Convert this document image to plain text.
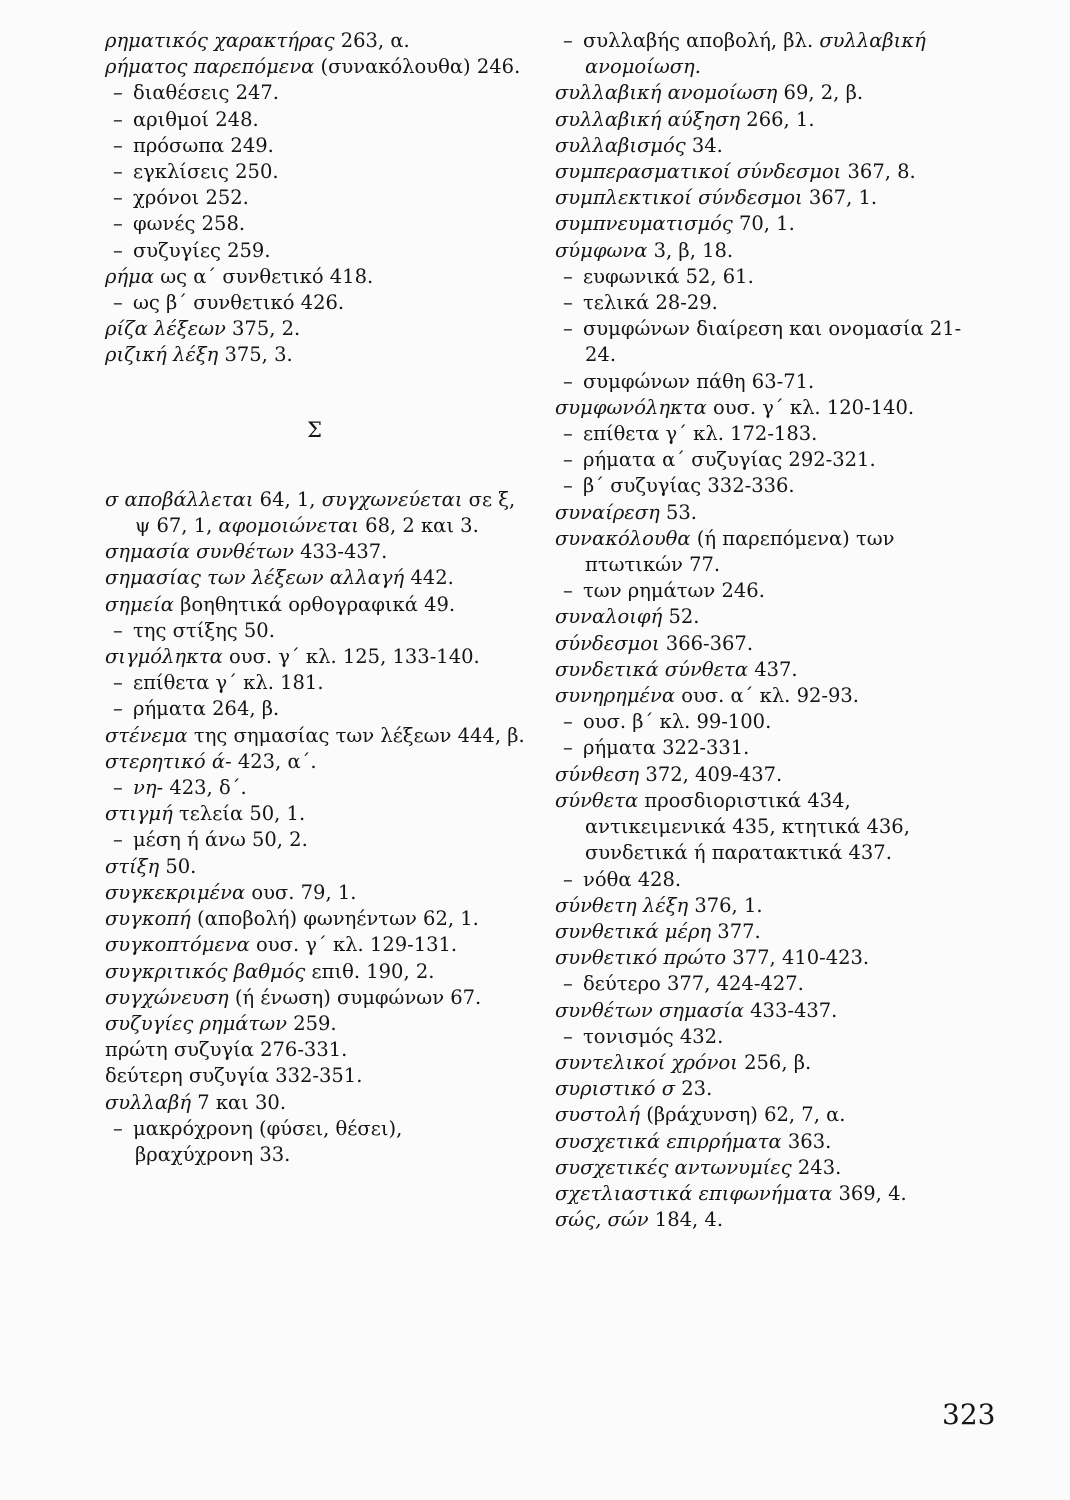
ρηματικός χαρακτήρας 263, α.
ρήματος παρεπόμενα (συνακόλουθα) 246.
– διαθέσεις 247.
– αριθμοί 248.
– πρόσωπα 249.
– εγκλίσεις 250.
– χρόνοι 252.
– φωνές 258.
– συζυγίες 259.
ρήμα ως α΄ συνθετικό 418.
– ως β΄ συνθετικό 426.
ρίζα λέξεων 375, 2.
ριζική λέξη 375, 3.
Σ
σ αποβάλλεται 64, 1, συγχωνεύεται σε ξ, ψ 67, 1, αφομοιώνεται 68, 2 και 3.
σημασία συνθέτων 433-437.
σημασίας των λέξεων αλλαγή 442.
σημεία βοηθητικά ορθογραφικά 49.
– της στίξης 50.
σιγμόληκτα ουσ. γ΄ κλ. 125, 133-140.
– επίθετα γ΄ κλ. 181.
– ρήματα 264, β.
στένεμα της σημασίας των λέξεων 444, β.
στερητικό ά- 423, α΄.
– νη- 423, δ΄.
στιγμή τελεία 50, 1.
– μέση ή άνω 50, 2.
στίξη 50.
συγκεκριμένα ουσ. 79, 1.
συγκοπή (αποβολή) φωνηέντων 62, 1.
συγκοπτόμενα ουσ. γ΄ κλ. 129-131.
συγκριτικός βαθμός επιθ. 190, 2.
συγχώνευση (ή ένωση) συμφώνων 67.
συζυγίες ρημάτων 259.
πρώτη συζυγία 276-331.
δεύτερη συζυγία 332-351.
συλλαβή 7 και 30.
– μακρόχρονη (φύσει, θέσει), βραχύχρονη 33.
– συλλαβής αποβολή, βλ. συλλαβική ανομοίωση.
συλλαβική ανομοίωση 69, 2, β.
συλλαβική αύξηση 266, 1.
συλλαβισμός 34.
συμπερασματικοί σύνδεσμοι 367, 8.
συμπλεκτικοί σύνδεσμοι 367, 1.
συμπνευματισμός 70, 1.
σύμφωνα 3, β, 18.
– ευφωνικά 52, 61.
– τελικά 28-29.
– συμφώνων διαίρεση και ονομασία 21-24.
– συμφώνων πάθη 63-71.
συμφωνόληκτα ουσ. γ΄ κλ. 120-140.
– επίθετα γ΄ κλ. 172-183.
– ρήματα α΄ συζυγίας 292-321.
– β΄ συζυγίας 332-336.
συναίρεση 53.
συνακόλουθα (ή παρεπόμενα) των πτωτικών 77.
– των ρημάτων 246.
συναλοιφή 52.
σύνδεσμοι 366-367.
συνδετικά σύνθετα 437.
συνηρημένα ουσ. α΄ κλ. 92-93.
– ουσ. β΄ κλ. 99-100.
– ρήματα 322-331.
σύνθεση 372, 409-437.
σύνθετα προσδιοριστικά 434, αντικειμενικά 435, κτητικά 436, συνδετικά ή παρατακτικά 437.
– νόθα 428.
σύνθετη λέξη 376, 1.
συνθετικά μέρη 377.
συνθετικό πρώτο 377, 410-423.
– δεύτερο 377, 424-427.
συνθέτων σημασία 433-437.
– τονισμός 432.
συντελικοί χρόνοι 256, β.
συριστικό σ 23.
συστολή (βράχυνση) 62, 7, α.
συσχετικά επιρρήματα 363.
συσχετικές αντωνυμίες 243.
σχετλιαστικά επιφωνήματα 369, 4.
σώς, σών 184, 4.
323
